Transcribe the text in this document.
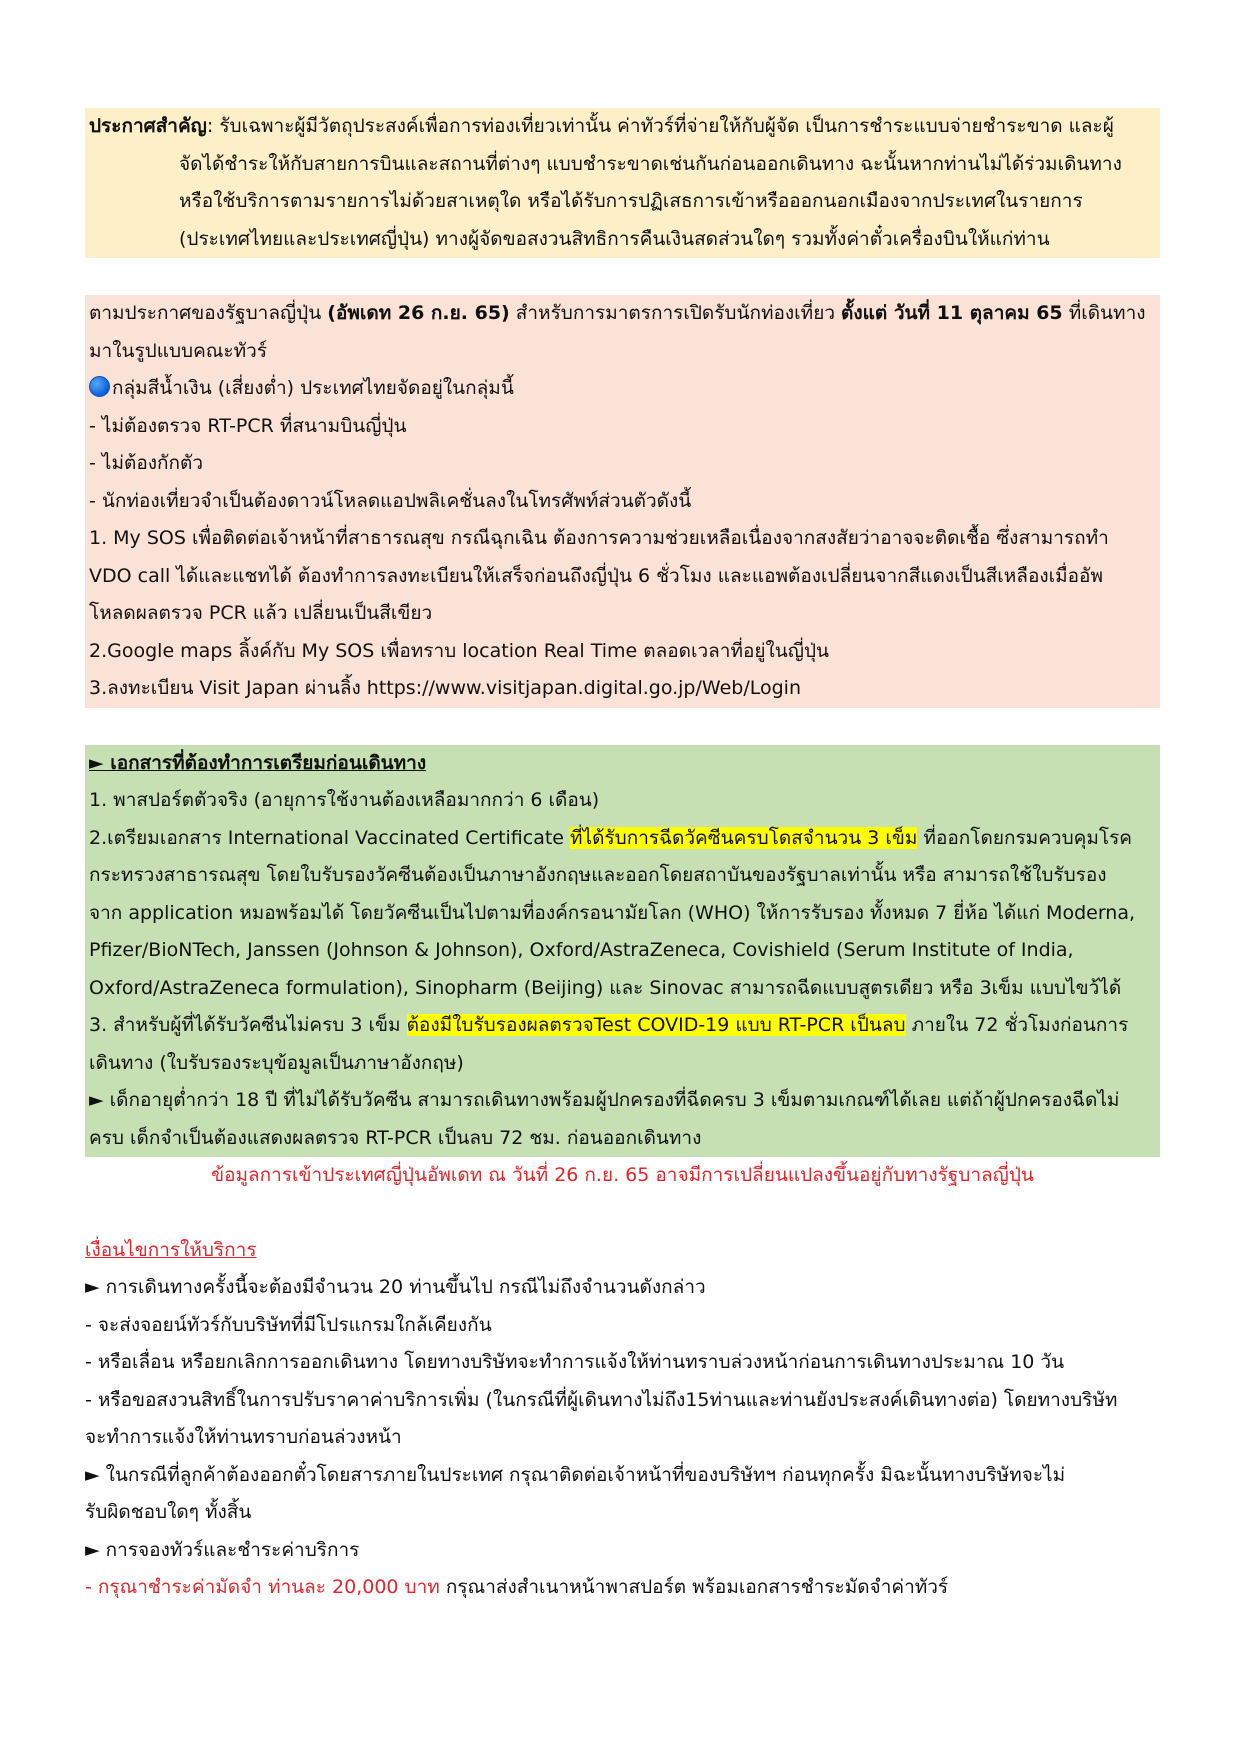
ประกาศสำคัญ: รับเฉพาะผู้มีวัตถุประสงค์เพื่อการท่องเที่ยวเท่านั้น ค่าทัวร์ที่จ่ายให้กับผู้จัด เป็นการชำระแบบจ่ายชำระขาด และผู้
จัดได้ชำระให้กับสายการบินและสถานที่ต่างๆ แบบชำระขาดเช่นกันก่อนออกเดินทาง ฉะนั้นหากท่านไม่ได้ร่วมเดินทาง
หรือใช้บริการตามรายการไม่ด้วยสาเหตุใด หรือได้รับการปฏิเสธการเข้าหรือออกนอกเมืองจากประเทศในรายการ
(ประเทศไทยและประเทศญี่ปุ่น) ทางผู้จัดขอสงวนสิทธิการคืนเงินสดส่วนใดๆ รวมทั้งค่าตั๋วเครื่องบินให้แก่ท่าน
ตามประกาศของรัฐบาลญี่ปุ่น (อัพเดท 26 ก.ย. 65) สำหรับการมาตรการเปิดรับนักท่องเที่ยว ตั้งแต่ วันที่ 11 ตุลาคม 65 ที่เดินทาง
มาในรูปแบบคณะทัวร์
กลุ่มสีน้ำเงิน (เสี่ยงต่ำ) ประเทศไทยจัดอยู่ในกลุ่มนี้
- ไม่ต้องตรวจ RT-PCR ที่สนามบินญี่ปุ่น
- ไม่ต้องกักตัว
- นักท่องเที่ยวจำเป็นต้องดาวน์โหลดแอปพลิเคชั่นลงในโทรศัพท์ส่วนตัวดังนี้
1. My SOS เพื่อติดต่อเจ้าหน้าที่สาธารณสุข กรณีฉุกเฉิน ต้องการความช่วยเหลือเนื่องจากสงสัยว่าอาจจะติดเชื้อ ซึ่งสามารถทำ
VDO call ได้และแชทได้ ต้องทำการลงทะเบียนให้เสร็จก่อนถึงญี่ปุ่น 6 ชั่วโมง และแอพต้องเปลี่ยนจากสีแดงเป็นสีเหลืองเมื่ออัพ
โหลดผลตรวจ PCR แล้ว เปลี่ยนเป็นสีเขียว
2.Google maps ลิ้งค์กับ My SOS เพื่อทราบ location Real Time ตลอดเวลาที่อยู่ในญี่ปุ่น
3.ลงทะเบียน Visit Japan ผ่านลิ้ง https://www.visitjapan.digital.go.jp/Web/Login
► เอกสารที่ต้องทำการเตรียมก่อนเดินทาง
1. พาสปอร์ตตัวจริง (อายุการใช้งานต้องเหลือมากกว่า 6 เดือน)
2.เตรียมเอกสาร International Vaccinated Certificate ที่ได้รับการฉีดวัคซีนครบโดสจำนวน 3 เข็ม ที่ออกโดยกรมควบคุมโรค
กระทรวงสาธารณสุข โดยใบรับรองวัคซีนต้องเป็นภาษาอังกฤษและออกโดยสถาบันของรัฐบาลเท่านั้น หรือ สามารถใช้ใบรับรอง
จาก application หมอพร้อมได้ โดยวัคซีนเป็นไปตามที่องค์กรอนามัยโลก (WHO) ให้การรับรอง ทั้งหมด 7 ยี่ห้อ ได้แก่ Moderna,
Pfizer/BioNTech, Janssen (Johnson & Johnson), Oxford/AstraZeneca, Covishield (Serum Institute of India,
Oxford/AstraZeneca formulation), Sinopharm (Beijing) และ Sinovac สามารถฉีดแบบสูตรเดียว หรือ 3เข็ม แบบไขว้ได้
3. สำหรับผู้ที่ได้รับวัคซีนไม่ครบ 3 เข็ม ต้องมีใบรับรองผลตรวจTest COVID-19 แบบ RT-PCR เป็นลบ ภายใน 72 ชั่วโมงก่อนการ
เดินทาง (ใบรับรองระบุข้อมูลเป็นภาษาอังกฤษ)
► เด็กอายุต่ำกว่า 18 ปี ที่ไม่ได้รับวัคซีน สามารถเดินทางพร้อมผู้ปกครองที่ฉีดครบ 3 เข็มตามเกณฑ์ได้เลย แต่ถ้าผู้ปกครองฉีดไม่
ครบ เด็กจำเป็นต้องแสดงผลตรวจ RT-PCR เป็นลบ 72 ชม. ก่อนออกเดินทาง
ข้อมูลการเข้าประเทศญี่ปุ่นอัพเดท ณ วันที่ 26 ก.ย. 65 อาจมีการเปลี่ยนแปลงขึ้นอยู่กับทางรัฐบาลญี่ปุ่น
เงื่อนไขการให้บริการ
► การเดินทางครั้งนี้จะต้องมีจำนวน 20 ท่านขึ้นไป กรณีไม่ถึงจำนวนดังกล่าว
- จะส่งจอยน์ทัวร์กับบริษัทที่มีโปรแกรมใกล้เคียงกัน
- หรือเลื่อน หรือยกเลิกการออกเดินทาง โดยทางบริษัทจะทำการแจ้งให้ท่านทราบล่วงหน้าก่อนการเดินทางประมาณ 10 วัน
- หรือขอสงวนสิทธิ์ในการปรับราคาค่าบริการเพิ่ม (ในกรณีที่ผู้เดินทางไม่ถึง15ท่านและท่านยังประสงค์เดินทางต่อ) โดยทางบริษัท
จะทำการแจ้งให้ท่านทราบก่อนล่วงหน้า
► ในกรณีที่ลูกค้าต้องออกตั๋วโดยสารภายในประเทศ กรุณาติดต่อเจ้าหน้าที่ของบริษัทฯ ก่อนทุกครั้ง มิฉะนั้นทางบริษัทจะไม่
รับผิดชอบใดๆ ทั้งสิ้น
► การจองทัวร์และชำระค่าบริการ
- กรุณาชำระค่ามัดจำ ท่านละ 20,000 บาท กรุณาส่งสำเนาหน้าพาสปอร์ต พร้อมเอกสารชำระมัดจำค่าทัวร์
